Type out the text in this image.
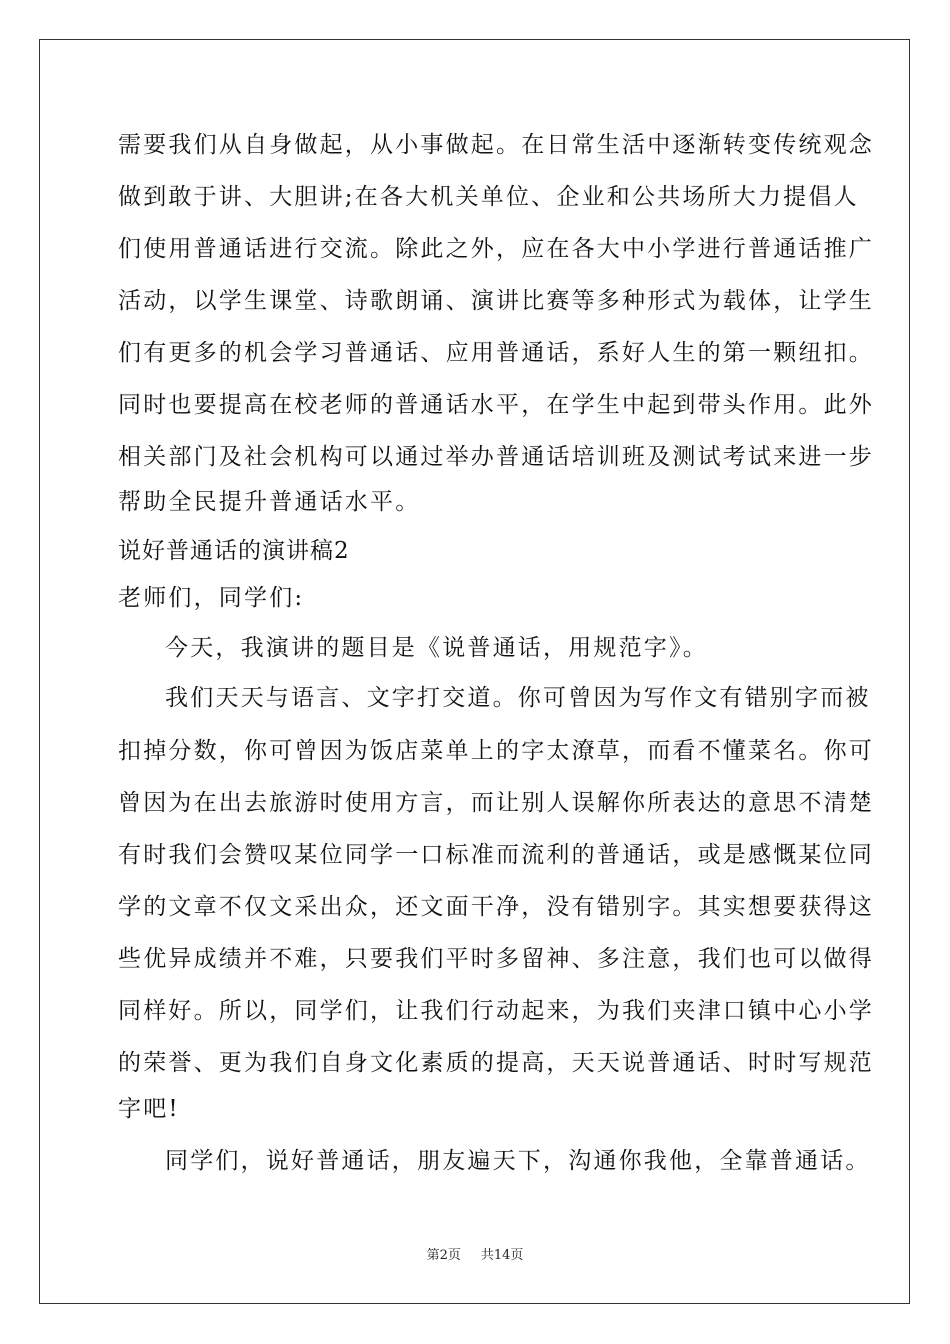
需要我们从自身做起，从小事做起。在日常生活中逐渐转变传统观念
做到敢于讲、大胆讲;在各大机关单位、企业和公共场所大力提倡人
们使用普通话进行交流。除此之外，应在各大中小学进行普通话推广
活动，以学生课堂、诗歌朗诵、演讲比赛等多种形式为载体，让学生
们有更多的机会学习普通话、应用普通话，系好人生的第一颗纽扣。
同时也要提高在校老师的普通话水平，在学生中起到带头作用。此外
相关部门及社会机构可以通过举办普通话培训班及测试考试来进一步
帮助全民提升普通话水平。
说好普通话的演讲稿2
老师们，同学们:
今天，我演讲的题目是《说普通话，用规范字》。
我们天天与语言、文字打交道。你可曾因为写作文有错别字而被
扣掉分数，你可曾因为饭店菜单上的字太潦草，而看不懂菜名。你可
曾因为在出去旅游时使用方言，而让别人误解你所表达的意思不清楚
有时我们会赞叹某位同学一口标准而流利的普通话，或是感慨某位同
学的文章不仅文采出众，还文面干净，没有错别字。其实想要获得这
些优异成绩并不难，只要我们平时多留神、多注意，我们也可以做得
同样好。所以，同学们，让我们行动起来，为我们夹津口镇中心小学
的荣誉、更为我们自身文化素质的提高，天天说普通话、时时写规范
字吧!
同学们，说好普通话，朋友遍天下，沟通你我他，全靠普通话。
第2页 共14页
